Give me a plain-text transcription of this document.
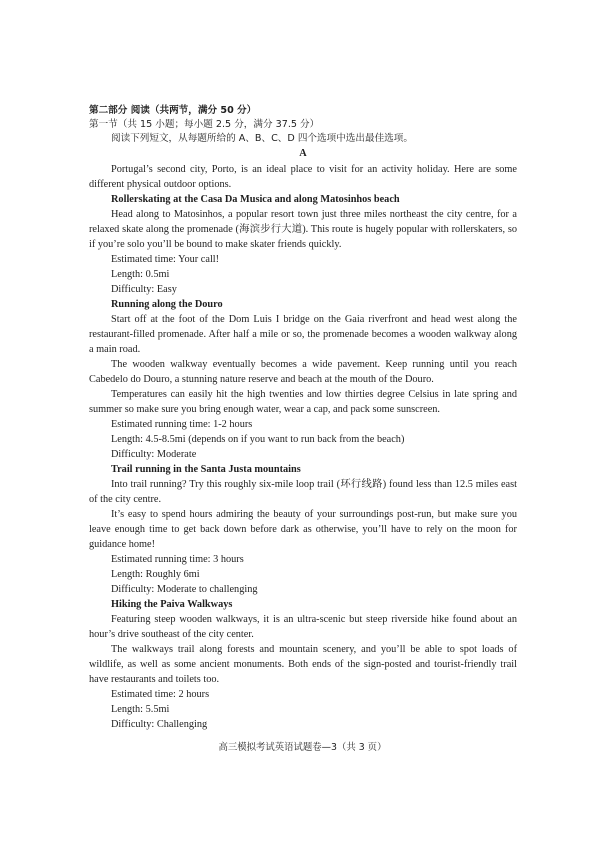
第二部分 阅读（共两节，满分 50 分）
第一节（共 15 小题；每小题 2.5 分，满分 37.5 分）
阅读下列短文，从每题所给的 A、B、C、D 四个选项中选出最佳选项。
A

Portugal’s second city, Porto, is an ideal place to visit for an activity holiday. Here are some different physical outdoor options.

Rollerskating at the Casa Da Musica and along Matosinhos beach

Head along to Matosinhos, a popular resort town just three miles northeast the city centre, for a relaxed skate along the promenade (海滨步行大道). This route is hugely popular with rollerskaters, so if you’re solo you’ll be bound to make skater friends quickly.

Estimated time: Your call!
Length: 0.5mi
Difficulty: Easy
Running along the Douro

Start off at the foot of the Dom Luis I bridge on the Gaia riverfront and head west along the restaurant-filled promenade. After half a mile or so, the promenade becomes a wooden walkway along a main road.

The wooden walkway eventually becomes a wide pavement. Keep running until you reach Cabedelo do Douro, a stunning nature reserve and beach at the mouth of the Douro.

Temperatures can easily hit the high twenties and low thirties degree Celsius in late spring and summer so make sure you bring enough water, wear a cap, and pack some sunscreen.

Estimated running time: 1-2 hours
Length: 4.5-8.5mi (depends on if you want to run back from the beach)
Difficulty: Moderate
Trail running in the Santa Justa mountains

Into trail running? Try this roughly six-mile loop trail (环行线路) found less than 12.5 miles east of the city centre.

It’s easy to spend hours admiring the beauty of your surroundings post-run, but make sure you leave enough time to get back down before dark as otherwise, you’ll have to rely on the moon for guidance home!

Estimated running time: 3 hours
Length: Roughly 6mi
Difficulty: Moderate to challenging
Hiking the Paiva Walkways

Featuring steep wooden walkways, it is an ultra-scenic but steep riverside hike found about an hour’s drive southeast of the city center.

The walkways trail along forests and mountain scenery, and you’ll be able to spot loads of wildlife, as well as some ancient monuments. Both ends of the sign-posted and tourist-friendly trail have restaurants and toilets too.

Estimated time: 2 hours
Length: 5.5mi
Difficulty: Challenging
高三模拟考试英语试题卷—3（共 3 页）
